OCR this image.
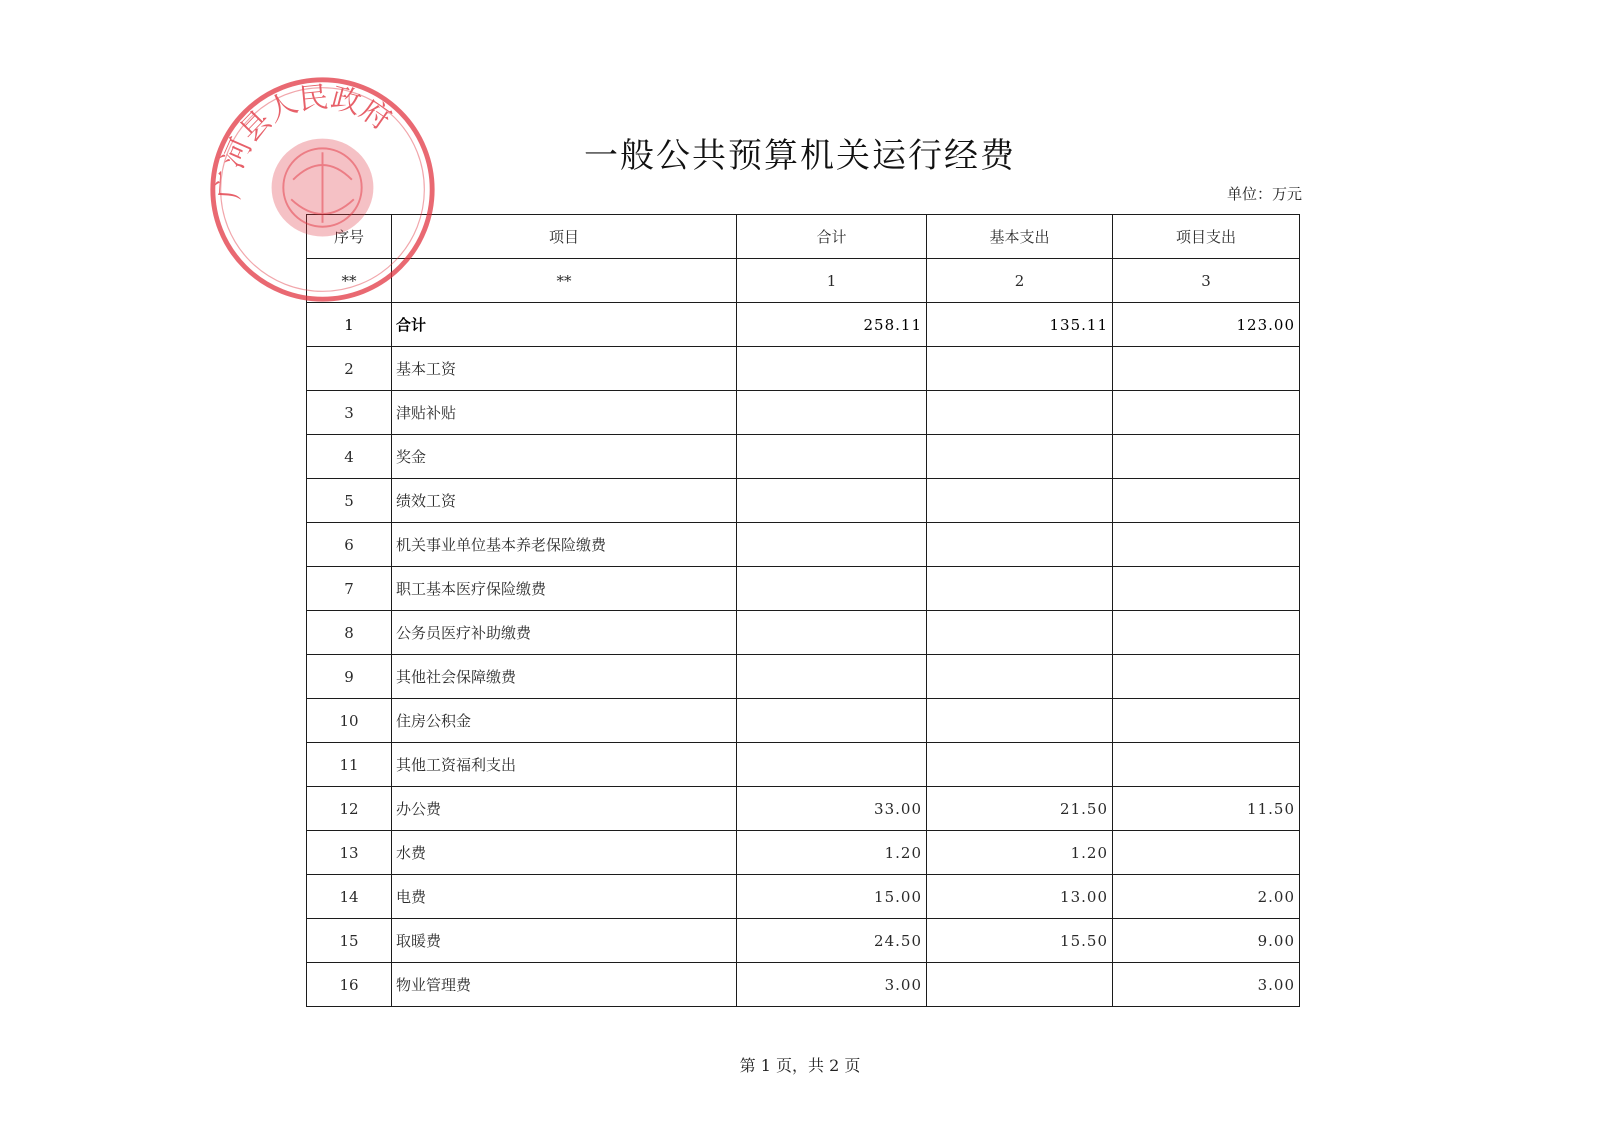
一般公共预算机关运行经费
单位：万元
序号	项目	合计	基本支出	项目支出
**	**	1	2	3
1	合计	258.11	135.11	123.00
2	基本工资			
3	津贴补贴			
4	奖金			
5	绩效工资			
6	机关事业单位基本养老保险缴费			
7	职工基本医疗保险缴费			
8	公务员医疗补助缴费			
9	其他社会保障缴费			
10	住房公积金			
11	其他工资福利支出			
12	办公费	33.00	21.50	11.50
13	水费	1.20	1.20	
14	电费	15.00	13.00	2.00
15	取暖费	24.50	15.50	9.00
16	物业管理费	3.00		3.00
第 1 页，共 2 页
广河县人民政府
